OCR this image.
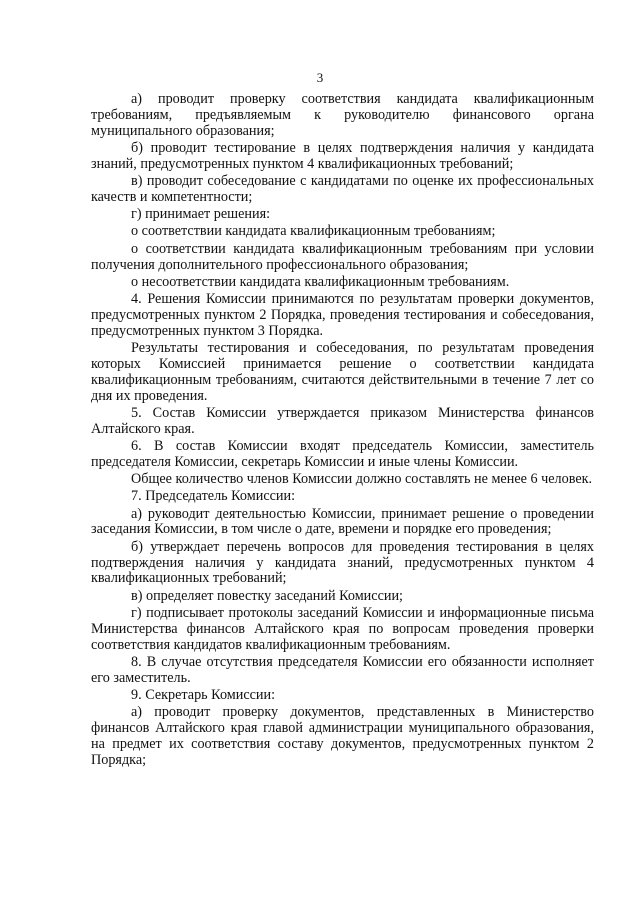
3

а) проводит проверку соответствия кандидата квалификационным требованиям, предъявляемым к руководителю финансового органа муниципального образования;

б) проводит тестирование в целях подтверждения наличия у кандидата знаний, предусмотренных пунктом 4 квалификационных требований;

в) проводит собеседование с кандидатами по оценке их профессиональных качеств и компетентности;

г) принимает решения:

о соответствии кандидата квалификационным требованиям;

о соответствии кандидата квалификационным требованиям при условии получения дополнительного профессионального образования;

о несоответствии кандидата квалификационным требованиям.

4. Решения Комиссии принимаются по результатам проверки документов, предусмотренных пунктом 2 Порядка, проведения тестирования и собеседования, предусмотренных пунктом 3 Порядка.

Результаты тестирования и собеседования, по результатам проведения которых Комиссией принимается решение о соответствии кандидата квалификационным требованиям, считаются действительными в течение 7 лет со дня их проведения.

5. Состав Комиссии утверждается приказом Министерства финансов Алтайского края.

6. В состав Комиссии входят председатель Комиссии, заместитель председателя Комиссии, секретарь Комиссии и иные члены Комиссии.

Общее количество членов Комиссии должно составлять не менее 6 человек.

7. Председатель Комиссии:

а) руководит деятельностью Комиссии, принимает решение о проведении заседания Комиссии, в том числе о дате, времени и порядке его проведения;

б) утверждает перечень вопросов для проведения тестирования в целях подтверждения наличия у кандидата знаний, предусмотренных пунктом 4 квалификационных требований;

в) определяет повестку заседаний Комиссии;

г) подписывает протоколы заседаний Комиссии и информационные письма Министерства финансов Алтайского края по вопросам проведения проверки соответствия кандидатов квалификационным требованиям.

8. В случае отсутствия председателя Комиссии его обязанности исполняет его заместитель.

9. Секретарь Комиссии:

а) проводит проверку документов, представленных в Министерство финансов Алтайского края главой администрации муниципального образования, на предмет их соответствия составу документов, предусмотренных пунктом 2 Порядка;
